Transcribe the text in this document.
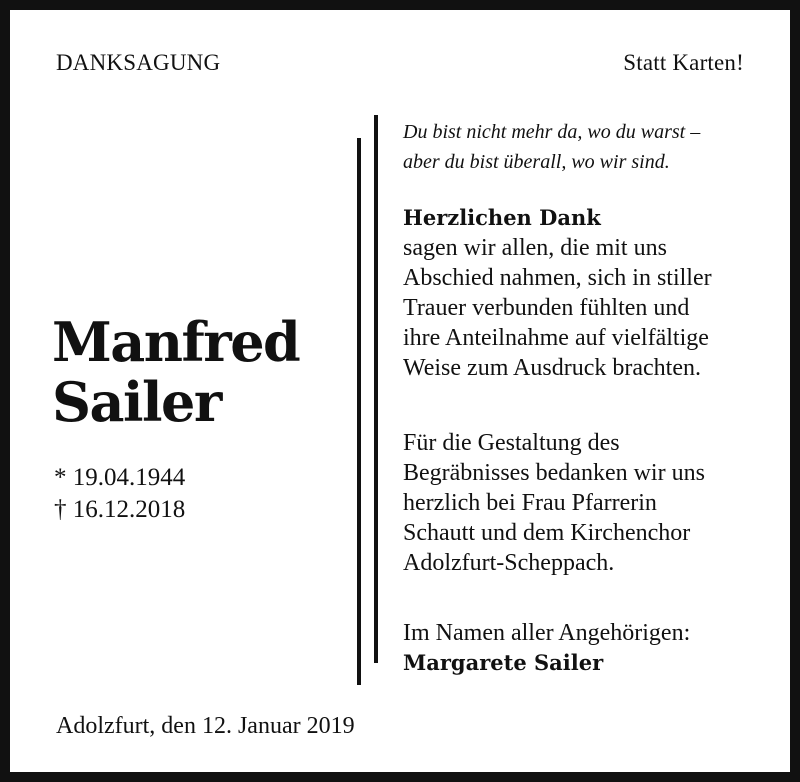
DANKSAGUNG	Statt Karten!
Manfred
Sailer
* 19.04.1944
† 16.12.2018
Du bist nicht mehr da, wo du warst –
aber du bist überall, wo wir sind.
Herzlichen Dank
sagen wir allen, die mit uns
Abschied nahmen, sich in stiller
Trauer verbunden fühlten und
ihre Anteilnahme auf vielfältige
Weise zum Ausdruck brachten.
Für die Gestaltung des
Begräbnisses bedanken wir uns
herzlich bei Frau Pfarrerin
Schautt und dem Kirchenchor
Adolzfurt-Scheppach.
Im Namen aller Angehörigen:
Margarete Sailer
Adolzfurt, den 12. Januar 2019
